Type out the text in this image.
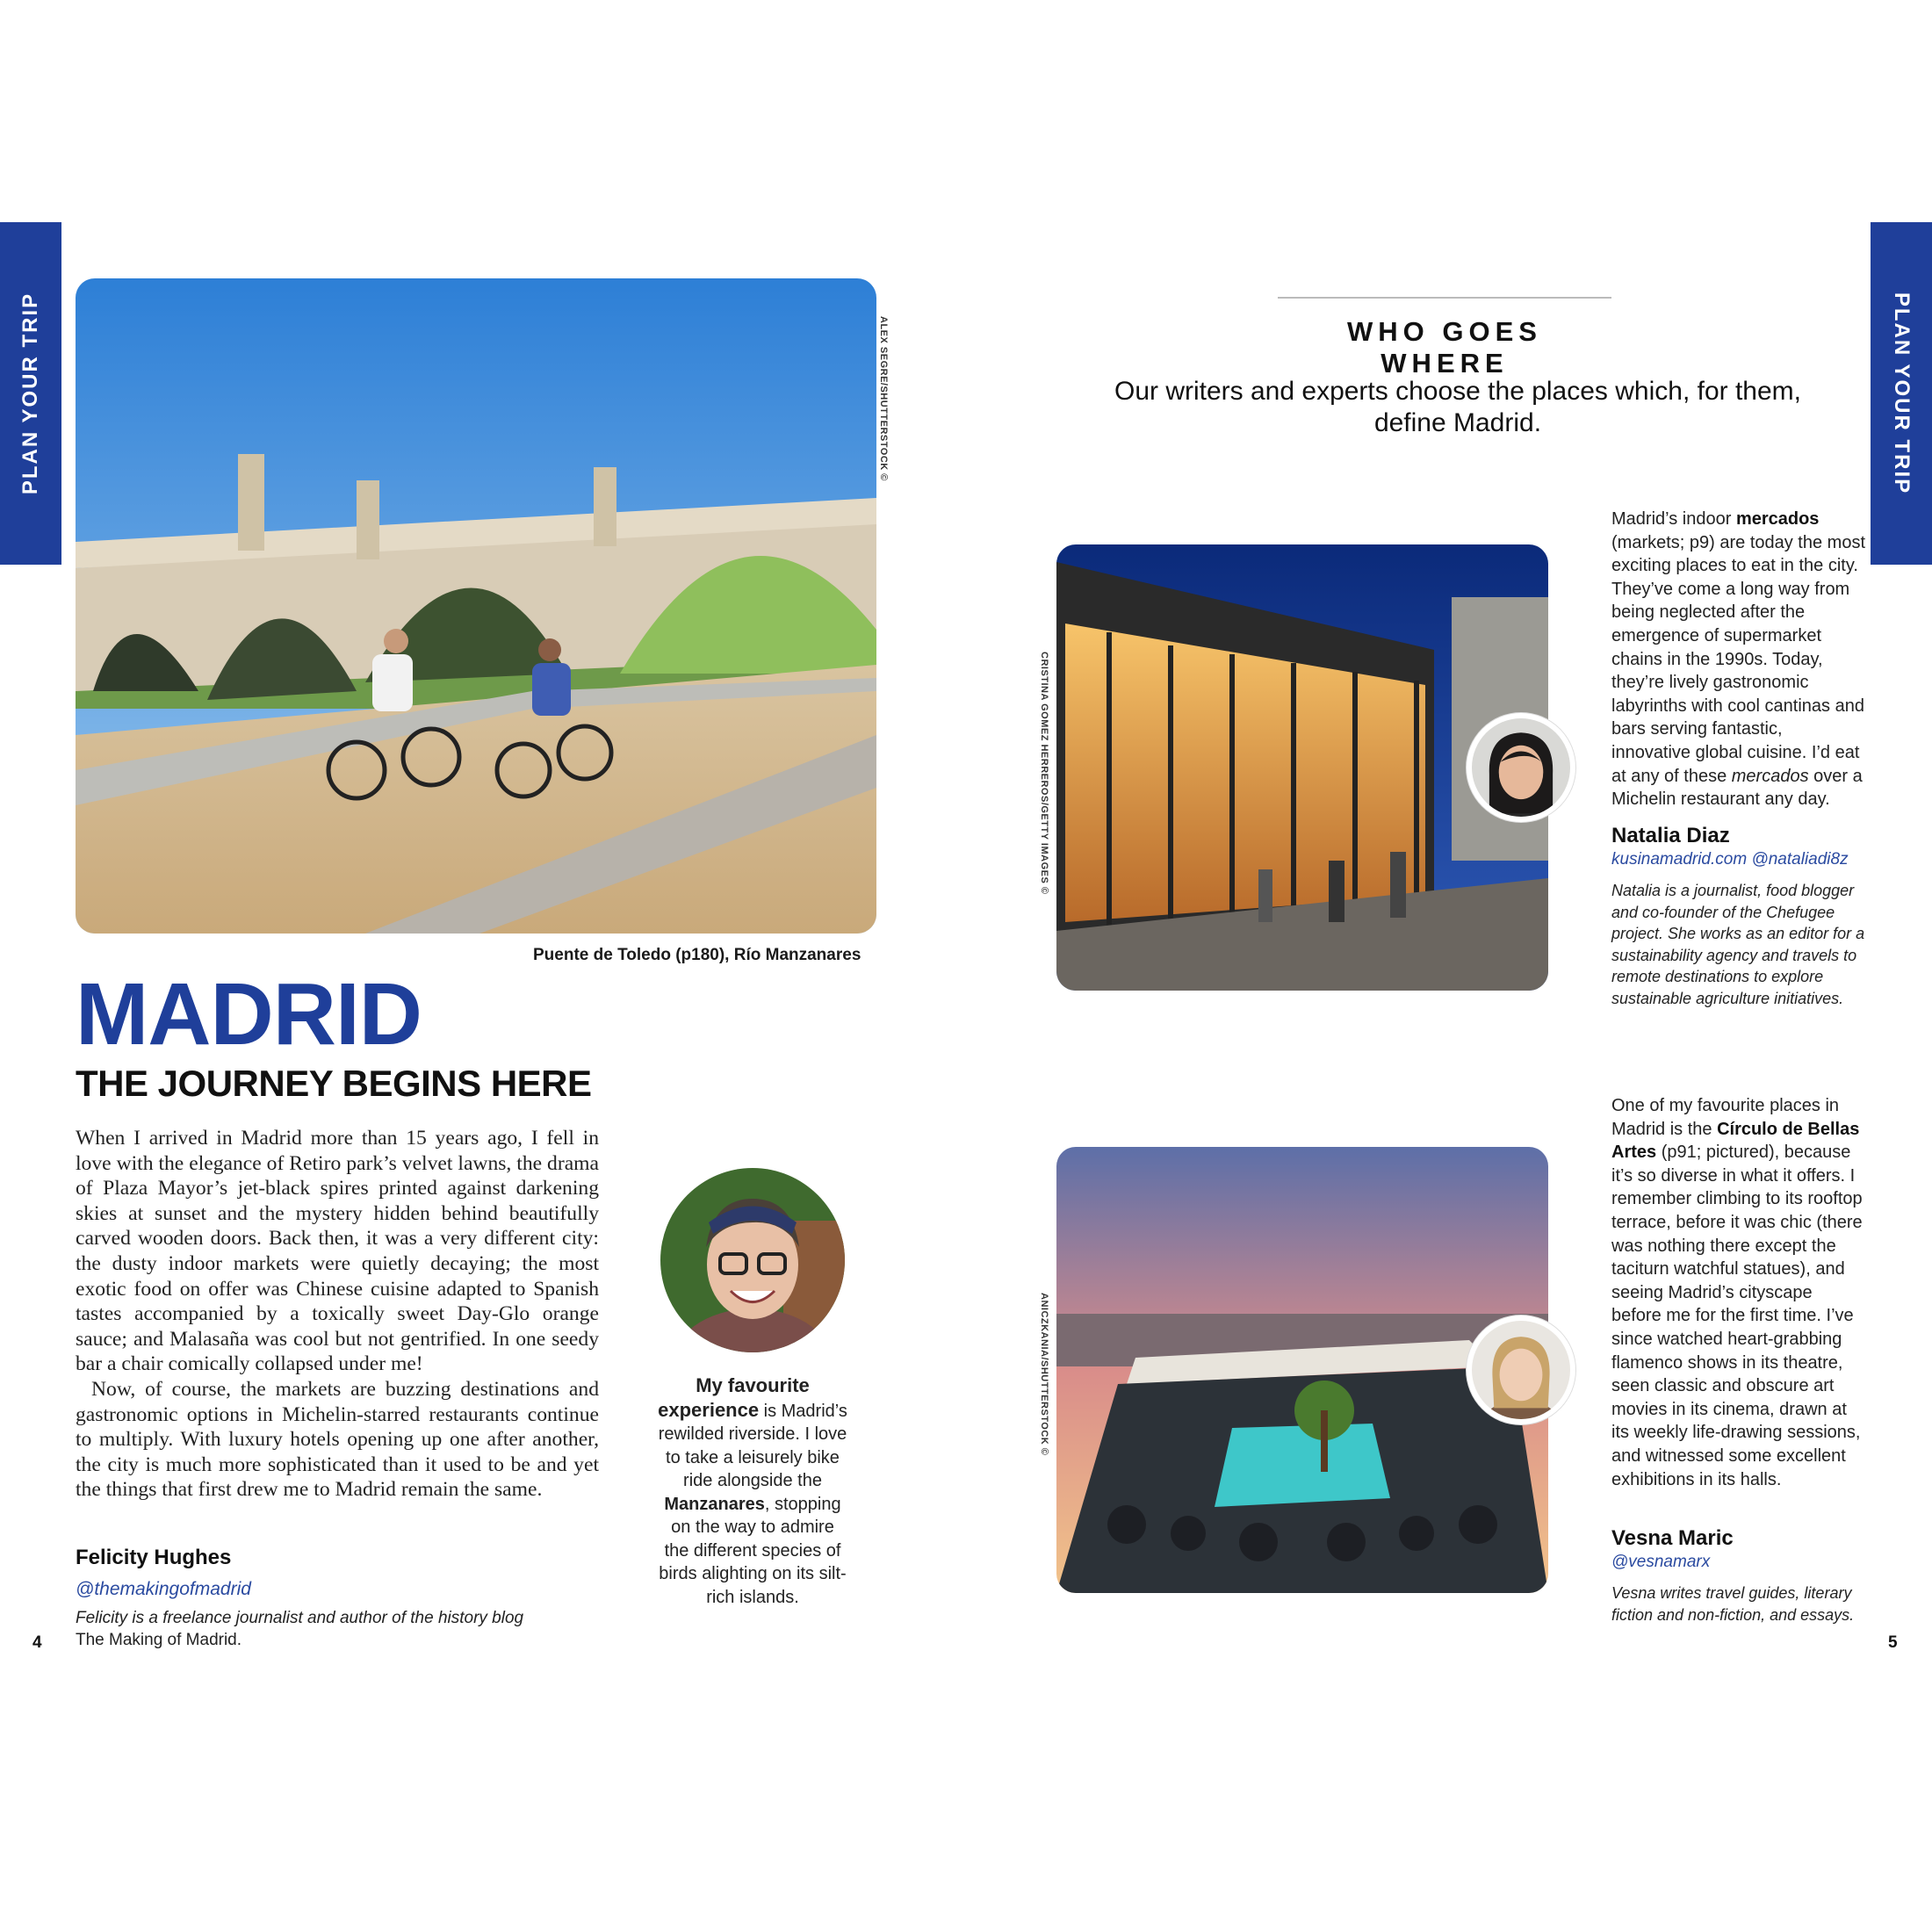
PLAN YOUR TRIP	PLAN YOUR TRIP
ALEX SEGRE/SHUTTERSTOCK ©
Puente de Toledo (p180), Río Manzanares
MADRID
THE JOURNEY BEGINS HERE

When I arrived in Madrid more than 15 years ago, I fell in love with the elegance of Retiro park’s velvet lawns, the drama of Plaza Mayor’s jet-black spires printed against darkening skies at sunset and the mystery hidden behind beautifully carved wooden doors. Back then, it was a very different city: the dusty indoor markets were quietly decaying; the most exotic food on offer was Chinese cuisine adapted to Spanish tastes accompanied by a toxically sweet Day-Glo orange sauce; and Malasaña was cool but not gentrified. In one seedy bar a chair comically collapsed under me!

Now, of course, the markets are buzzing destinations and gastronomic options in Michelin-starred restaurants continue to multiply. With luxury hotels opening up one after another, the city is much more sophisticated than it used to be and yet the things that first drew me to Madrid remain the same.

Felicity Hughes
@themakingofmadrid
Felicity is a freelance journalist and author of the history blog
The Making of Madrid.
My favourite experience is Madrid’s rewilded riverside. I love to take a leisurely bike ride alongside the Manzanares, stopping on the way to admire the different species of birds alighting on its silt-rich islands.
4
WHO GOES WHERE
Our writers and experts choose the places which, for them, define Madrid.
CRISTINA GOMEZ HERREROS/GETTY IMAGES ©
Madrid’s indoor mercados (markets; p9) are today the most exciting places to eat in the city. They’ve come a long way from being neglected after the emergence of supermarket chains in the 1990s. Today, they’re lively gastronomic labyrinths with cool cantinas and bars serving fantastic, innovative global cuisine. I’d eat at any of these mercados over a Michelin restaurant any day.
Natalia Diaz
kusinamadrid.com @nataliadi8z
Natalia is a journalist, food blogger and co-founder of the Chefugee project. She works as an editor for a sustainability agency and travels to remote destinations to explore sustainable agriculture initiatives.
ANICZKANIA/SHUTTERSTOCK ©
One of my favourite places in Madrid is the Círculo de Bellas Artes (p91; pictured), because it’s so diverse in what it offers. I remember climbing to its rooftop terrace, before it was chic (there was nothing there except the taciturn watchful statues), and seeing Madrid’s cityscape before me for the first time. I’ve since watched heart-grabbing flamenco shows in its theatre, seen classic and obscure art movies in its cinema, drawn at its weekly life-drawing sessions, and witnessed some excellent exhibitions in its halls.
Vesna Maric
@vesnamarx
Vesna writes travel guides, literary fiction and non-fiction, and essays.
5
